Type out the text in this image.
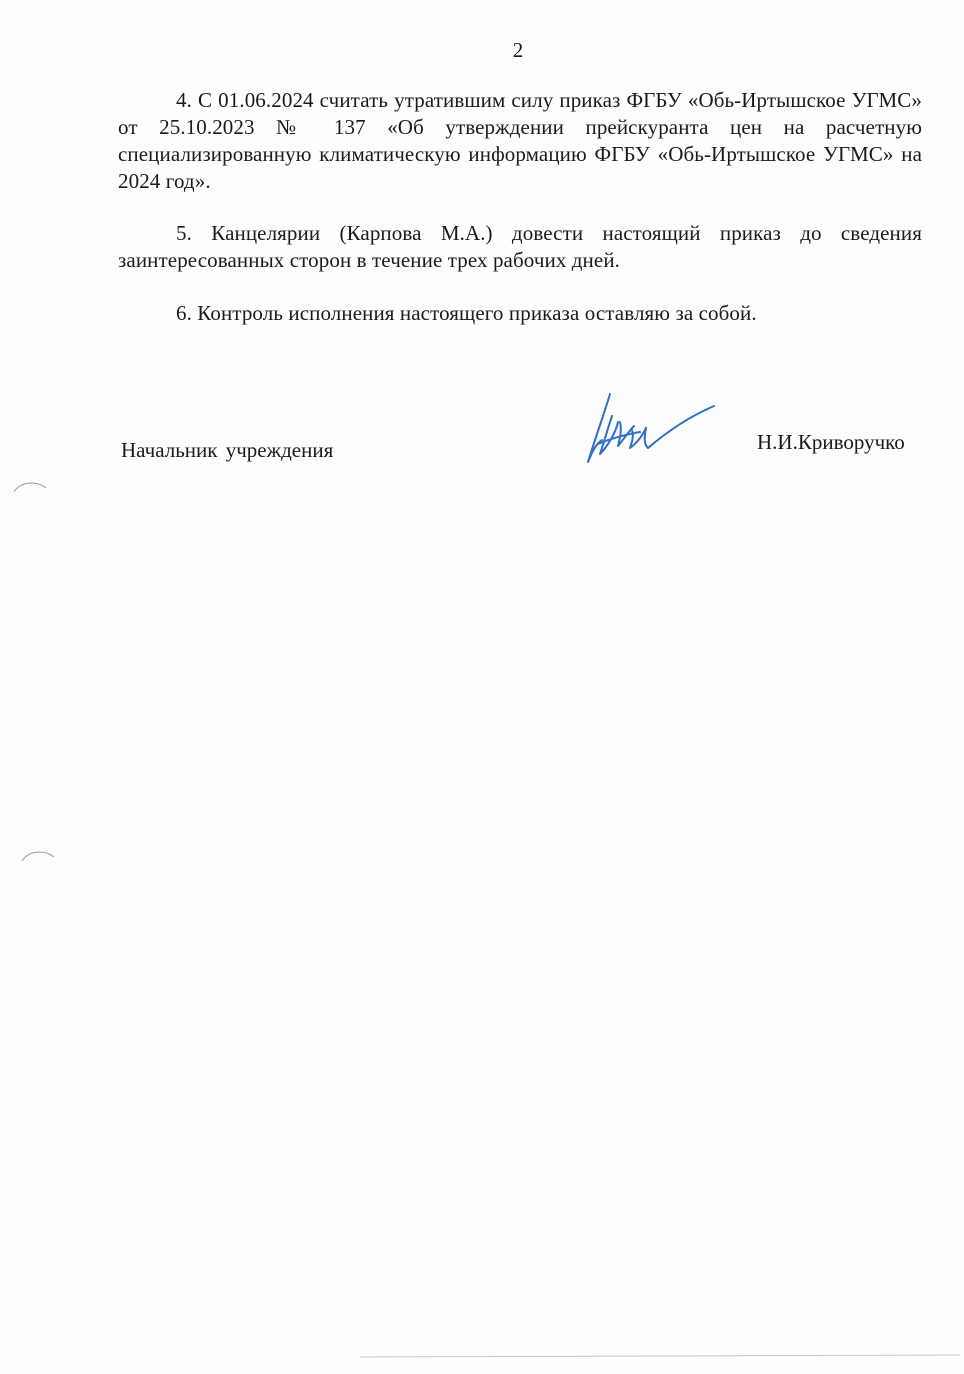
2
4. С 01.06.2024 считать утратившим силу приказ ФГБУ «Обь-Иртышское УГМС» от 25.10.2023 № 137 «Об утверждении прейскуранта цен на расчетную специализированную климатическую информацию ФГБУ «Обь-Иртышское УГМС» на 2024 год».
5. Канцелярии (Карпова М.А.) довести настоящий приказ до сведения заинтересованных сторон в течение трех рабочих дней.
6. Контроль исполнения настоящего приказа оставляю за собой.
Начальник учреждения	Н.И.Криворучко
